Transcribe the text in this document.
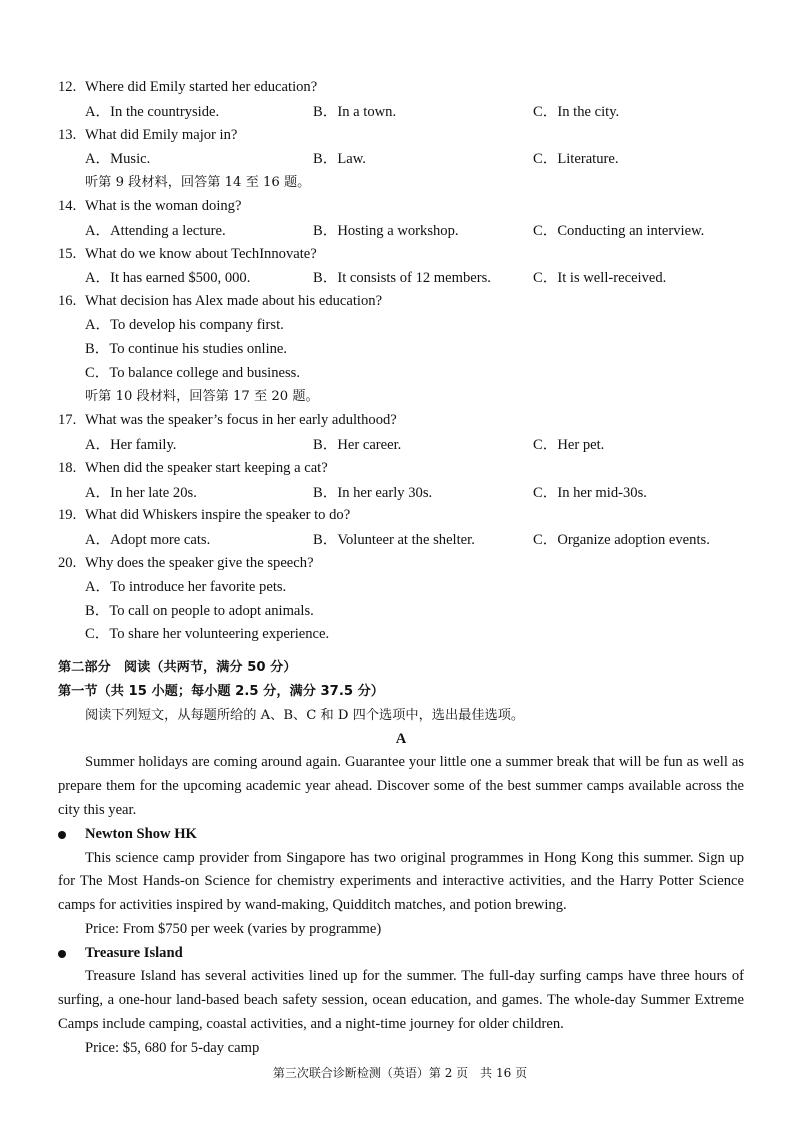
12. Where did Emily started her education?
A．In the countryside.	B．In a town.	C．In the city.
13. What did Emily major in?
A．Music.	B．Law.	C．Literature.
听第 9 段材料，回答第 14 至 16 题。
14. What is the woman doing?
A．Attending a lecture.	B．Hosting a workshop.	C．Conducting an interview.
15. What do we know about TechInnovate?
A．It has earned $500, 000.	B．It consists of 12 members.	C．It is well-received.
16. What decision has Alex made about his education?
A．To develop his company first.
B．To continue his studies online.
C．To balance college and business.
听第 10 段材料，回答第 17 至 20 题。
17. What was the speaker’s focus in her early adulthood?
A．Her family.	B．Her career.	C．Her pet.
18. When did the speaker start keeping a cat?
A．In her late 20s.	B．In her early 30s.	C．In her mid-30s.
19. What did Whiskers inspire the speaker to do?
A．Adopt more cats.	B．Volunteer at the shelter.	C．Organize adoption events.
20. Why does the speaker give the speech?
A．To introduce her favorite pets.
B．To call on people to adopt animals.
C．To share her volunteering experience.
第二部分　阅读（共两节，满分 50 分）
第一节（共 15 小题；每小题 2.5 分，满分 37.5 分）
阅读下列短文，从每题所给的 A、B、C 和 D 四个选项中，选出最佳选项。
A

Summer holidays are coming around again. Guarantee your little one a summer break that will be fun as well as prepare them for the upcoming academic year ahead. Discover some of the best summer camps available across the city this year.

Newton Show HK

This science camp provider from Singapore has two original programmes in Hong Kong this summer. Sign up for The Most Hands-on Science for chemistry experiments and interactive activities, and the Harry Potter Science camps for activities inspired by wand-making, Quidditch matches, and potion brewing.

Price: From $750 per week (varies by programme)
Treasure Island

Treasure Island has several activities lined up for the summer. The full-day surfing camps have three hours of surfing, a one-hour land-based beach safety session, ocean education, and games. The whole-day Summer Extreme Camps include camping, coastal activities, and a night-time journey for older children.

Price: $5, 680 for 5-day camp
第三次联合诊断检测（英语）第 2 页　共 16 页
